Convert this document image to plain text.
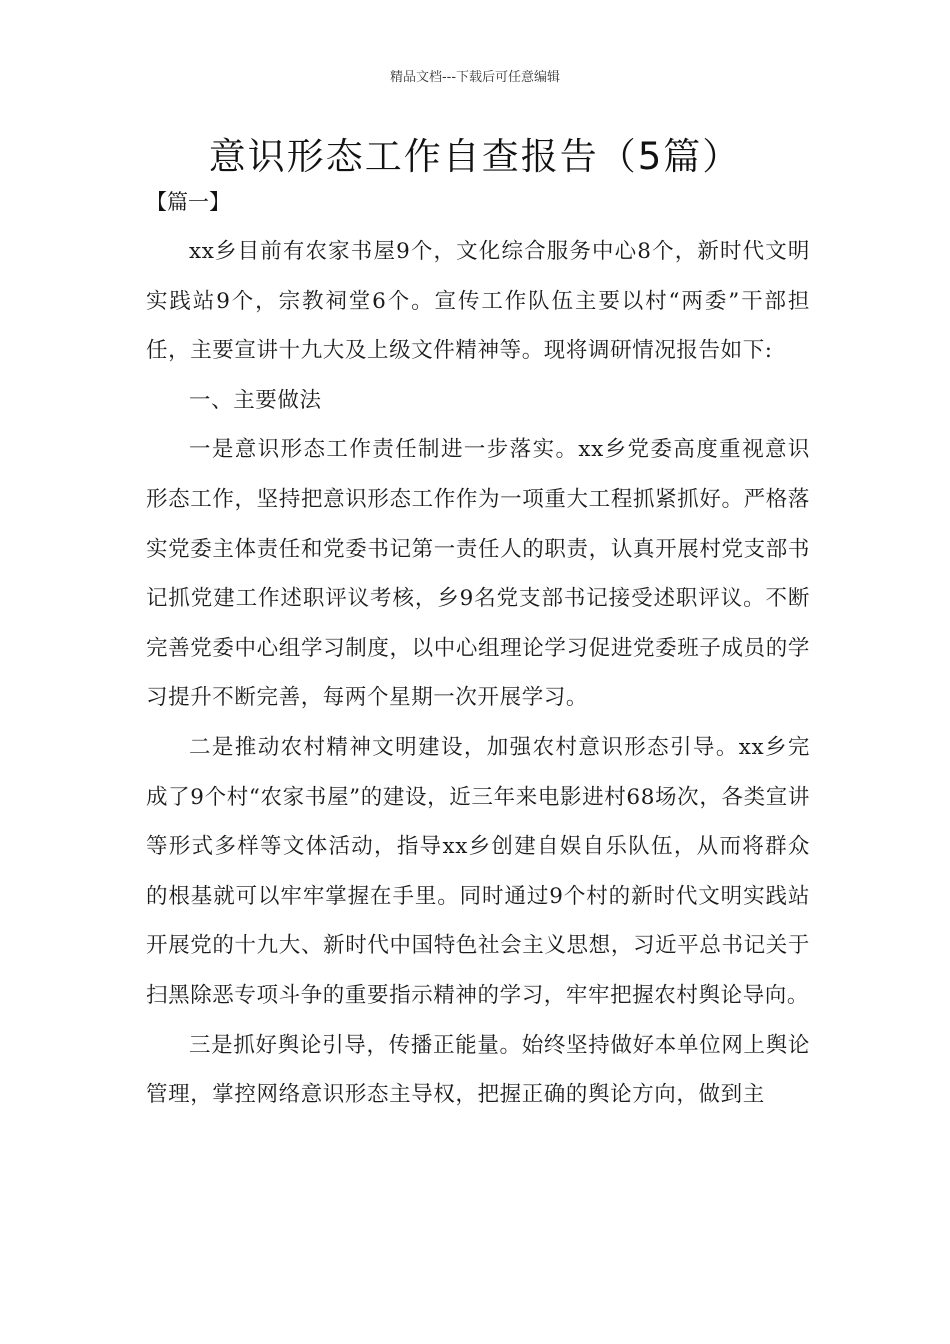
精品文档---下载后可任意编辑
意识形态工作自查报告（5篇）
【篇一】

xx乡目前有农家书屋9个，文化综合服务中心8个，新时代文明实践站9个，宗教祠堂6个。宣传工作队伍主要以村“两委”干部担任，主要宣讲十九大及上级文件精神等。现将调研情况报告如下:

一、主要做法

一是意识形态工作责任制进一步落实。xx乡党委高度重视意识形态工作，坚持把意识形态工作作为一项重大工程抓紧抓好。严格落实党委主体责任和党委书记第一责任人的职责，认真开展村党支部书记抓党建工作述职评议考核，乡9名党支部书记接受述职评议。不断完善党委中心组学习制度，以中心组理论学习促进党委班子成员的学习提升不断完善，每两个星期一次开展学习。

二是推动农村精神文明建设，加强农村意识形态引导。xx乡完成了9个村“农家书屋”的建设，近三年来电影进村68场次，各类宣讲等形式多样等文体活动，指导xx乡创建自娱自乐队伍，从而将群众的根基就可以牢牢掌握在手里。同时通过9个村的新时代文明实践站开展党的十九大、新时代中国特色社会主义思想，习近平总书记关于扫黑除恶专项斗争的重要指示精神的学习，牢牢把握农村舆论导向。

三是抓好舆论引导，传播正能量。始终坚持做好本单位网上舆论管理，掌控网络意识形态主导权，把握正确的舆论方向，做到主
